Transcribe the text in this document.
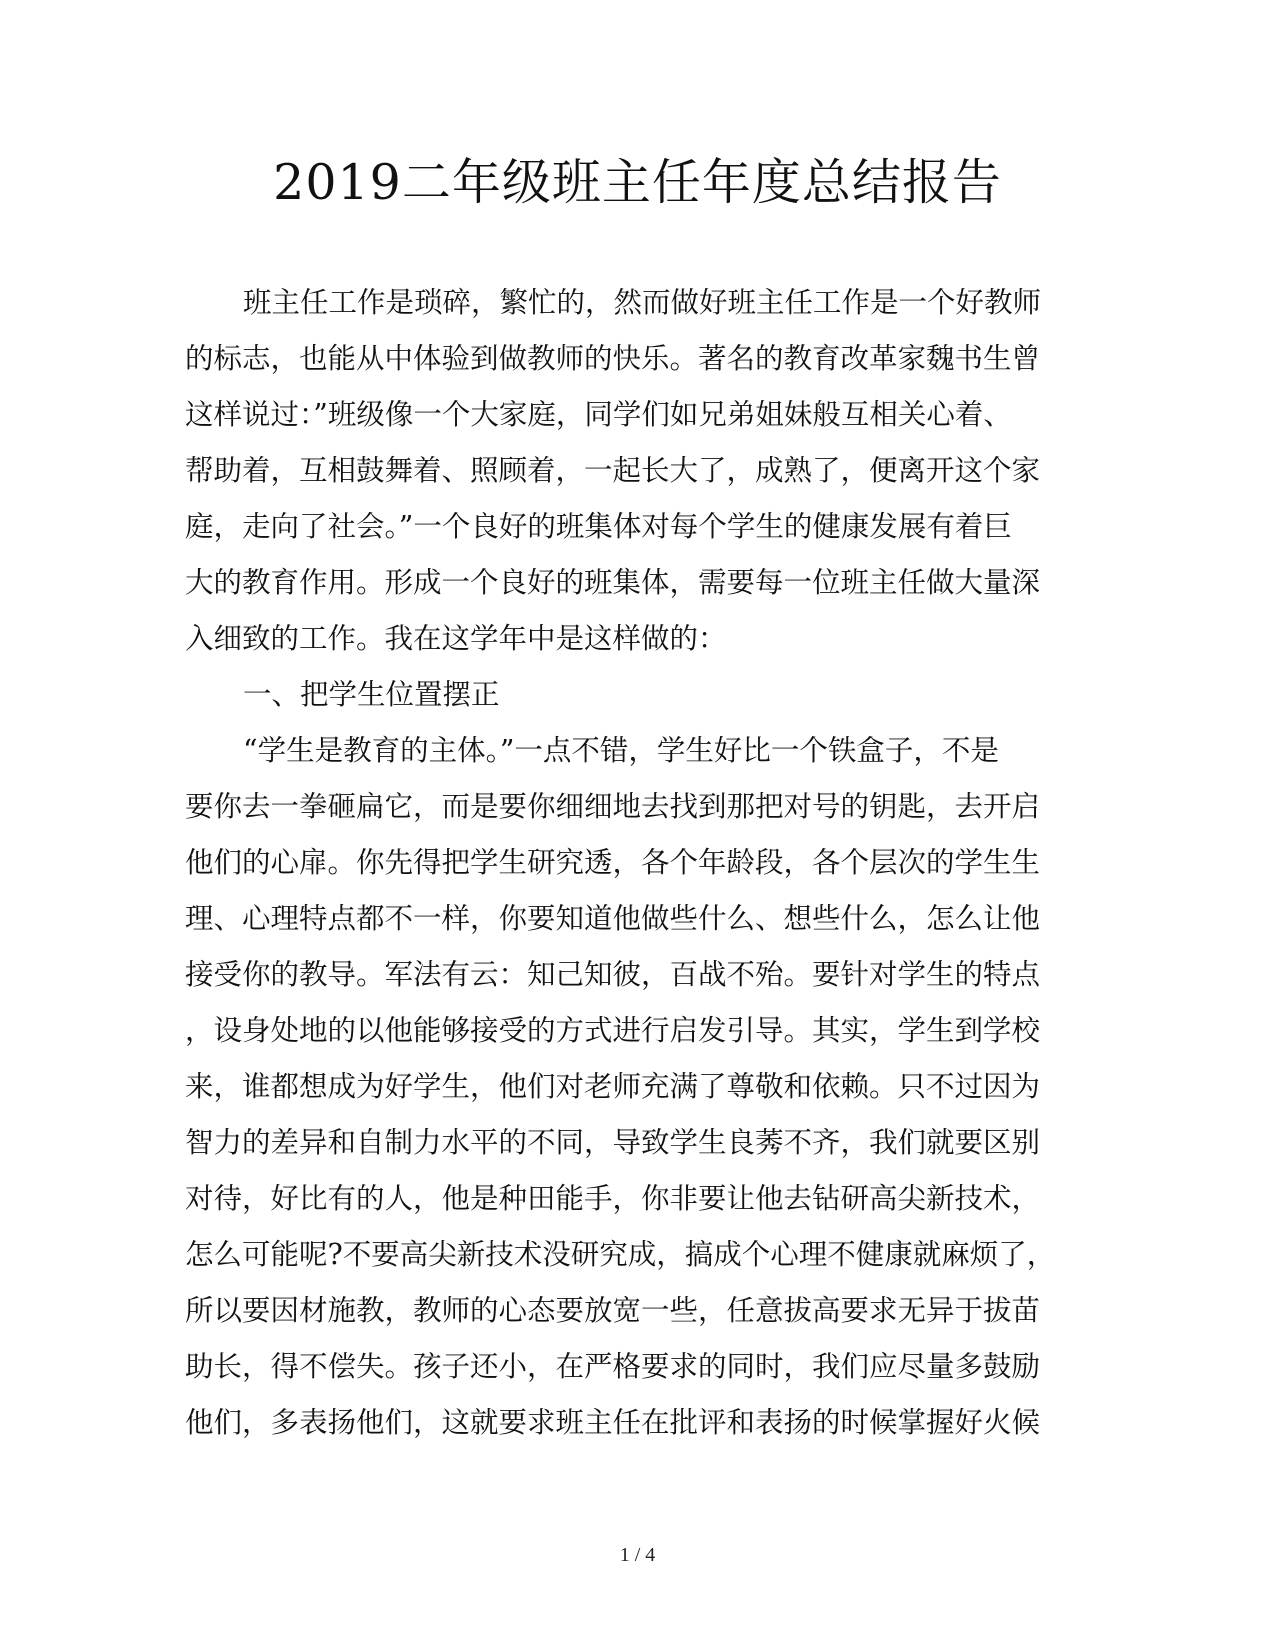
2019二年级班主任年度总结报告
班主任工作是琐碎，繁忙的，然而做好班主任工作是一个好教师
的标志，也能从中体验到做教师的快乐。著名的教育改革家魏书生曾
这样说过：”班级像一个大家庭，同学们如兄弟姐妹般互相关心着、
帮助着，互相鼓舞着、照顾着，一起长大了，成熟了，便离开这个家
庭，走向了社会。”一个良好的班集体对每个学生的健康发展有着巨
大的教育作用。形成一个良好的班集体，需要每一位班主任做大量深
入细致的工作。我在这学年中是这样做的：
一、把学生位置摆正
“学生是教育的主体。”一点不错，学生好比一个铁盒子，不是
要你去一拳砸扁它，而是要你细细地去找到那把对号的钥匙，去开启
他们的心扉。你先得把学生研究透，各个年龄段，各个层次的学生生
理、心理特点都不一样，你要知道他做些什么、想些什么，怎么让他
接受你的教导。军法有云：知己知彼，百战不殆。要针对学生的特点
，设身处地的以他能够接受的方式进行启发引导。其实，学生到学校
来，谁都想成为好学生，他们对老师充满了尊敬和依赖。只不过因为
智力的差异和自制力水平的不同，导致学生良莠不齐，我们就要区别
对待，好比有的人，他是种田能手，你非要让他去钻研高尖新技术，
怎么可能呢?不要高尖新技术没研究成，搞成个心理不健康就麻烦了，
所以要因材施教，教师的心态要放宽一些，任意拔高要求无异于拔苗
助长，得不偿失。孩子还小，在严格要求的同时，我们应尽量多鼓励
他们，多表扬他们，这就要求班主任在批评和表扬的时候掌握好火候
1 / 4
